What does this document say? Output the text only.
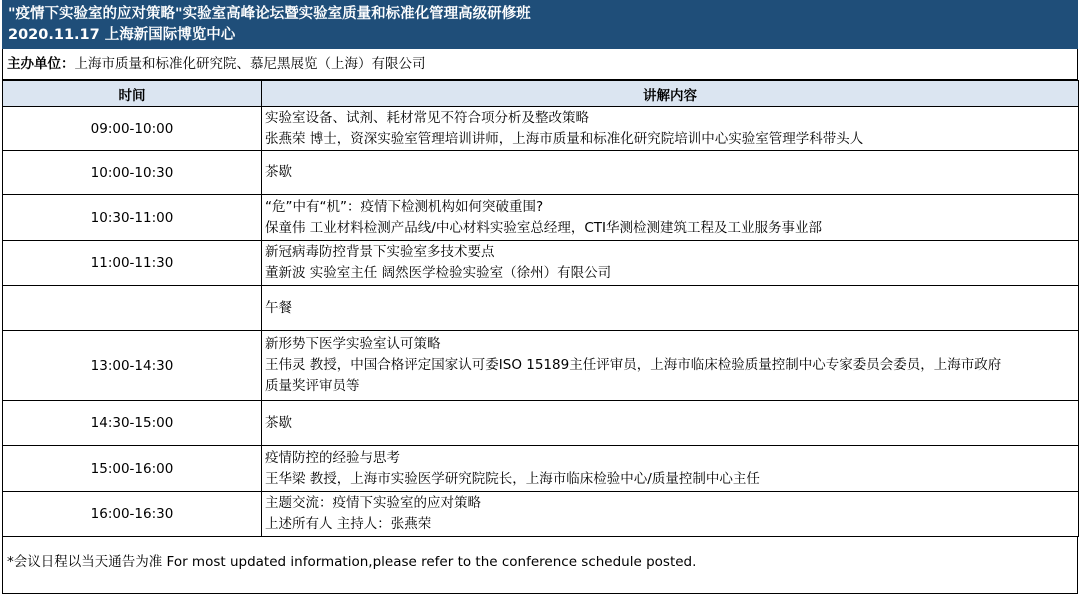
"疫情下实验室的应对策略"实验室高峰论坛暨实验室质量和标准化管理高级研修班
2020.11.17 上海新国际博览中心
主办单位：上海市质量和标准化研究院、慕尼黑展览（上海）有限公司
时间	讲解内容
09:00-10:00	实验室设备、试剂、耗材常见不符合项分析及整改策略
张燕荣 博士，资深实验室管理培训讲师，上海市质量和标准化研究院培训中心实验室管理学科带头人

10:00-10:30	茶歇

10:30-11:00	“危”中有“机”：疫情下检测机构如何突破重围?
保童伟 工业材料检测产品线/中心材料实验室总经理，CTI华测检测建筑工程及工业服务事业部

11:00-11:30	新冠病毒防控背景下实验室多技术要点
董新波 实验室主任 阔然医学检验实验室（徐州）有限公司

	午餐

13:00-14:30	新形势下医学实验室认可策略
王伟灵 教授，中国合格评定国家认可委ISO 15189主任评审员，上海市临床检验质量控制中心专家委员会委员，上海市政府
质量奖评审员等

14:30-15:00	茶歇

15:00-16:00	疫情防控的经验与思考
王华梁 教授，上海市实验医学研究院院长，上海市临床检验中心/质量控制中心主任

16:00-16:30	主题交流：疫情下实验室的应对策略
上述所有人 主持人：张燕荣
*会议日程以当天通告为准 For most updated information,please refer to the conference schedule posted.
